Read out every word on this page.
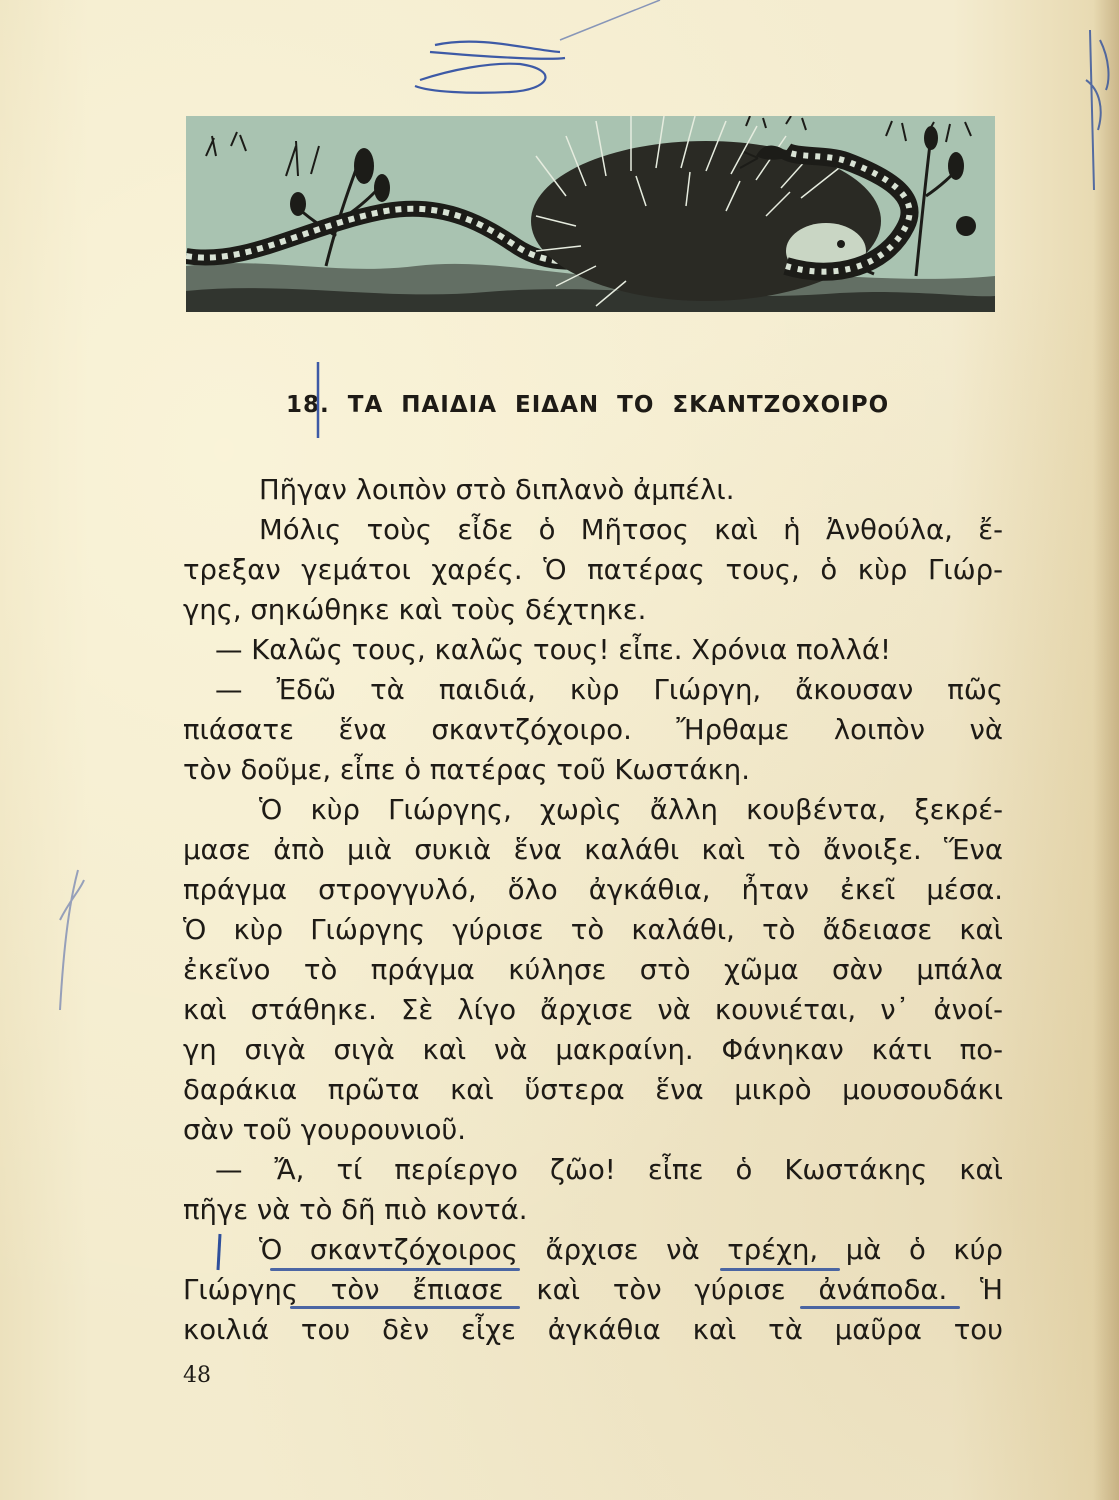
18. ΤΑ ΠΑΙΔΙΑ ΕΙΔΑΝ ΤΟ ΣΚΑΝΤΖΟΧΟΙΡΟ
Πῆγαν λοιπὸν στὸ διπλανὸ ἀμπέλι.
Μόλις τοὺς εἶδε ὁ Μῆτσος καὶ ἡ Ἀνθούλα, ἔ-
τρεξαν γεμάτοι χαρές. Ὁ πατέρας τους, ὁ κὺρ Γιώρ-
γης, σηκώθηκε καὶ τοὺς δέχτηκε.
— Καλῶς τους, καλῶς τους! εἶπε. Χρόνια πολλά!
— Ἐδῶ τὰ παιδιά, κὺρ Γιώργη, ἄκουσαν πῶς
πιάσατε ἕνα σκαντζόχοιρο. Ἤρθαμε λοιπὸν νὰ
τὸν δοῦμε, εἶπε ὁ πατέρας τοῦ Κωστάκη.
Ὁ κὺρ Γιώργης, χωρὶς ἄλλη κουβέντα, ξεκρέ-
μασε ἀπὸ μιὰ συκιὰ ἕνα καλάθι καὶ τὸ ἄνοιξε. Ἕνα
πράγμα στρογγυλό, ὅλο ἀγκάθια, ἦταν ἐκεῖ μέσα.
Ὁ κὺρ Γιώργης γύρισε τὸ καλάθι, τὸ ἄδειασε καὶ
ἐκεῖνο τὸ πράγμα κύλησε στὸ χῶμα σὰν μπάλα
καὶ στάθηκε. Σὲ λίγο ἄρχισε νὰ κουνιέται, ν᾽ ἀνοί-
γη σιγὰ σιγὰ καὶ νὰ μακραίνη. Φάνηκαν κάτι πο-
δαράκια πρῶτα καὶ ὕστερα ἕνα μικρὸ μουσουδάκι
σὰν τοῦ γουρουνιοῦ.
— Ἄ, τί περίεργο ζῶο! εἶπε ὁ Κωστάκης καὶ
πῆγε νὰ τὸ δῆ πιὸ κοντά.
Ὁ σκαντζόχοιρος ἄρχισε νὰ τρέχη, μὰ ὁ κύρ
Γιώργης τὸν ἔπιασε καὶ τὸν γύρισε ἀνάποδα. Ἡ
κοιλιά του δὲν εἶχε ἀγκάθια καὶ τὰ μαῦρα του
48
